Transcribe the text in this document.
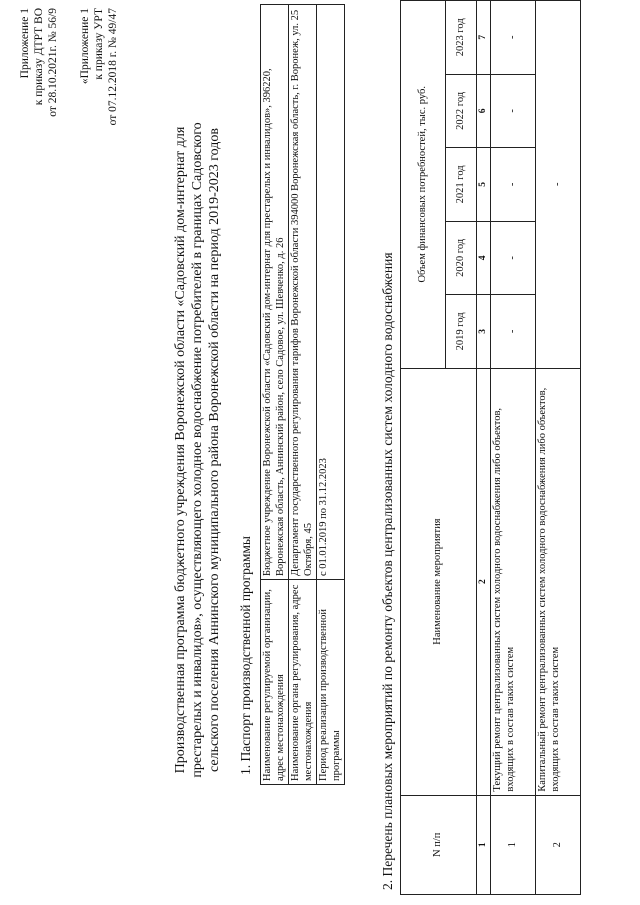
Приложение 1 к приказу ДТРТ ВО от 28.10.2021г. № 56/9 «Приложение 1 к приказу УРТ от 07.12.2018 г. № 49/47
Производственная программа бюджетного учреждения Воронежской области «Садовский дом-интернат для престарелых и инвалидов», осуществляющего холодное водоснабжение потребителей в границах Садовского сельского поселения Аннинского муниципального района Воронежской области на период 2019-2023 годов 1. Паспорт производственной программы Наименование регулируемой организации, адрес местонахождения	Бюджетное учреждение Воронежской области «Садовский дом-интернат для престарелых и инвалидов», 396220, Воронежская область, Аннинский район, село Садовое, ул. Шевченко, д. 26
Наименование органа регулирования, адрес местонахождения	Департамент государственного регулирования тарифов Воронежской области 394000 Воронежская область, г. Воронеж, ул. 25 Октября, 45
Период реализации производственной программы	с 01.01.2019 по 31.12.2023	2. Перечень плановых мероприятий по ремонту объектов централизованных систем холодного водоснабжения	N п/п	Наименование мероприятия	Объем финансовых потребностей, тыс. руб.				
		2019 год	2020 год	2021 год	2022 год	2023 год
1	2	3	4	5	6	7
1	Текущий ремонт централизованных систем холодного водоснабжения либо объектов, входящих в состав таких систем	-	-	-	-	-
2	Капитальный ремонт централизованных систем холодного водоснабжения либо объектов, входящих в состав таких систем	-				
